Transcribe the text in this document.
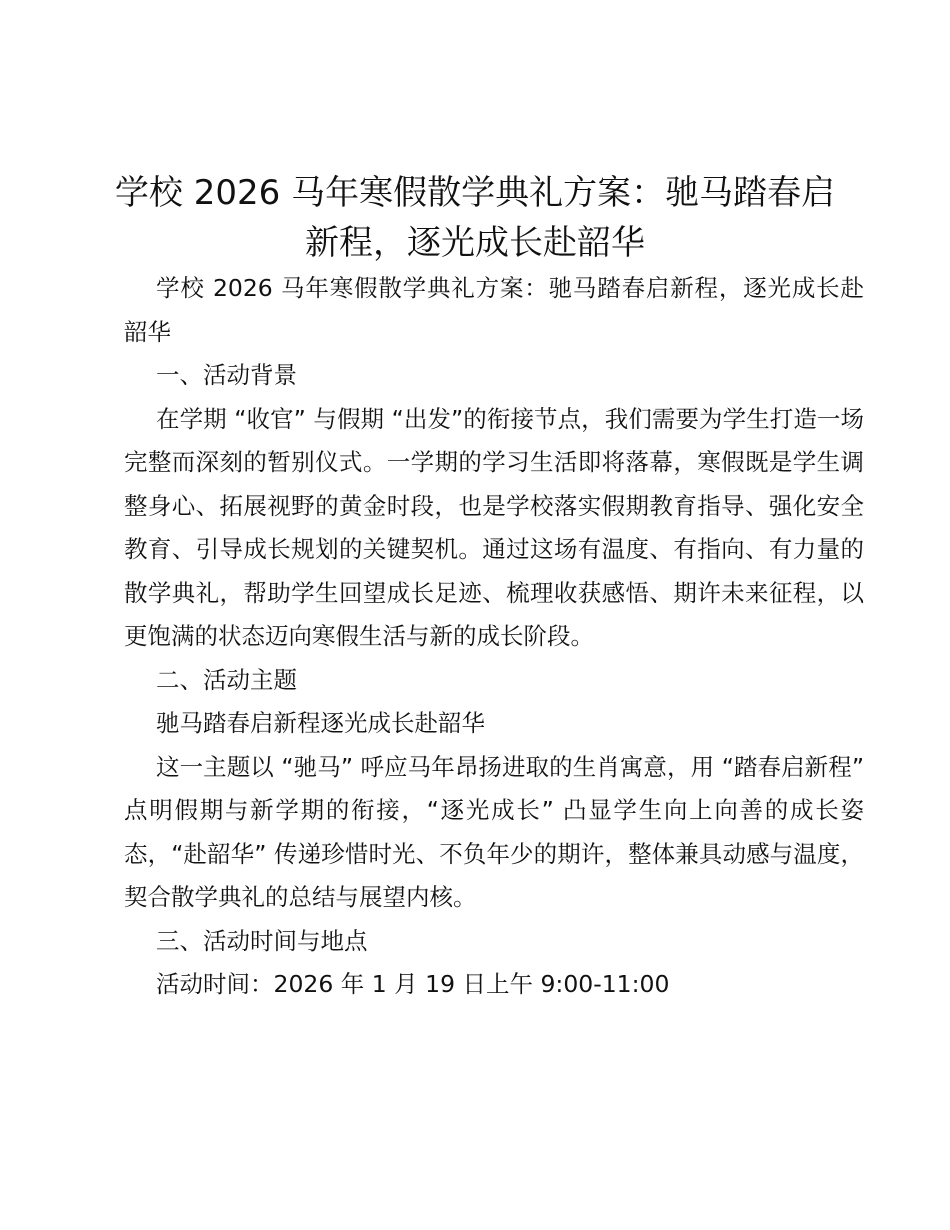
学校 2026 马年寒假散学典礼方案：驰马踏春启新程，逐光成长赴韶华

学校 2026 马年寒假散学典礼方案：驰马踏春启新程，逐光成长赴韶华

一、活动背景

在学期 “收官” 与假期 “出发”的衔接节点，我们需要为学生打造一场完整而深刻的暂别仪式。一学期的学习生活即将落幕，寒假既是学生调整身心、拓展视野的黄金时段，也是学校落实假期教育指导、强化安全教育、引导成长规划的关键契机。通过这场有温度、有指向、有力量的散学典礼，帮助学生回望成长足迹、梳理收获感悟、期许未来征程，以更饱满的状态迈向寒假生活与新的成长阶段。

二、活动主题

驰马踏春启新程逐光成长赴韶华

这一主题以 “驰马” 呼应马年昂扬进取的生肖寓意，用 “踏春启新程” 点明假期与新学期的衔接，“逐光成长” 凸显学生向上向善的成长姿态，“赴韶华” 传递珍惜时光、不负年少的期许，整体兼具动感与温度，契合散学典礼的总结与展望内核。

三、活动时间与地点

活动时间：2026 年 1 月 19 日上午 9:00-11:00
